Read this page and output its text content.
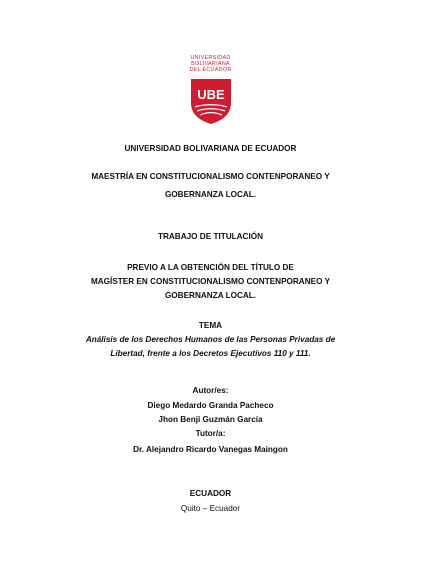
UNIVERSIDAD
BOLIVARIANA
DEL ECUADOR
UBE
UNIVERSIDAD BOLIVARIANA DE ECUADOR
MAESTRÍA EN CONSTITUCIONALISMO CONTENPORANEO Y
GOBERNANZA LOCAL.
TRABAJO DE TITULACIÓN
PREVIO A LA OBTENCIÓN DEL TÍTULO DE
MAGÍSTER EN CONSTITUCIONALISMO CONTENPORANEO Y
GOBERNANZA LOCAL.
TEMA
Análisis de los Derechos Humanos de las Personas Privadas de
Libertad, frente a los Decretos Ejecutivos 110 y 111.
Autor/es:
Diego Medardo Granda Pacheco
Jhon Benji Guzmán García
Tutor/a:
Dr. Alejandro Ricardo Vanegas Maingon
ECUADOR
Quito – Ecuador
